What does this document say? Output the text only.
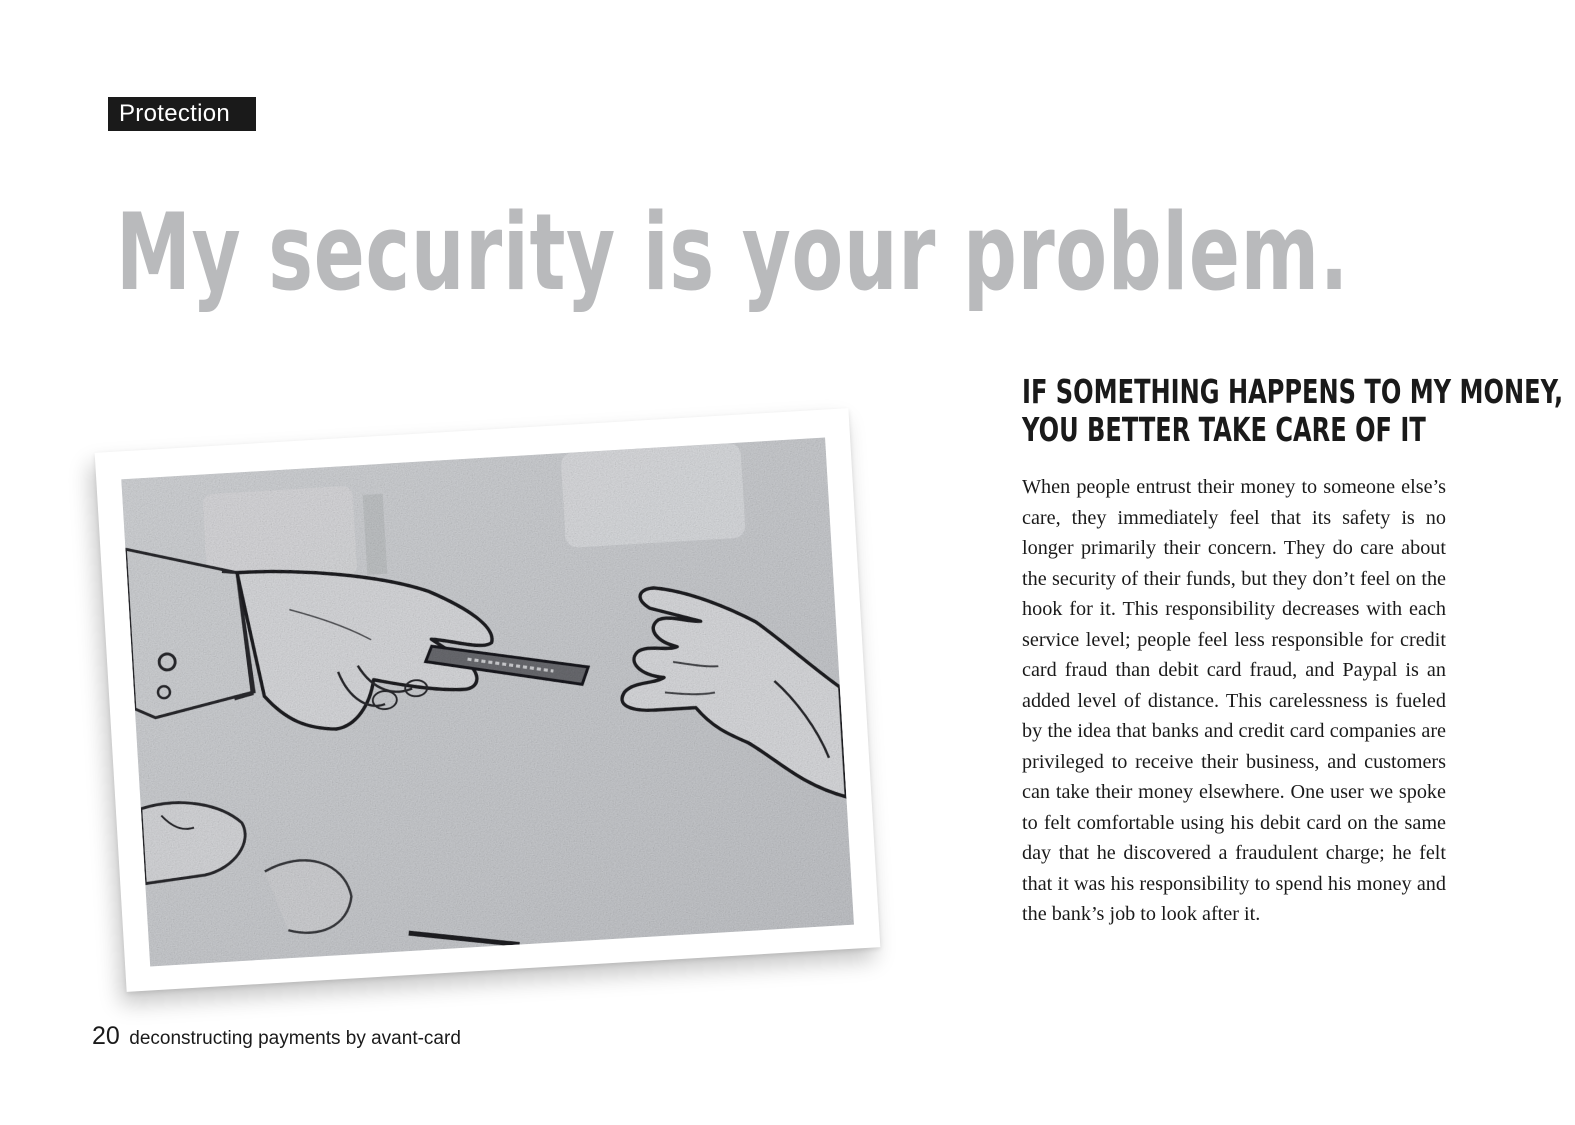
Protection
My security is your problem.
IF SOMETHING HAPPENS TO MY MONEY,
YOU BETTER TAKE CARE OF IT

When people entrust their money to someone else’s care, they immediately feel that its safety is no longer primarily their concern. They do care about the security of their funds, but they don’t feel on the hook for it. This responsibility decreases with each service level; people feel less responsible for credit card fraud than debit card fraud, and Paypal is an added level of distance. This carelessness is fueled by the idea that banks and credit card companies are privileged to receive their business, and customers can take their money elsewhere. One user we spoke to felt comfortable using his debit card on the same day that he discovered a fraudulent charge; he felt that it was his responsibility to spend his money and the bank’s job to look after it.

20 deconstructing payments by avant-card
